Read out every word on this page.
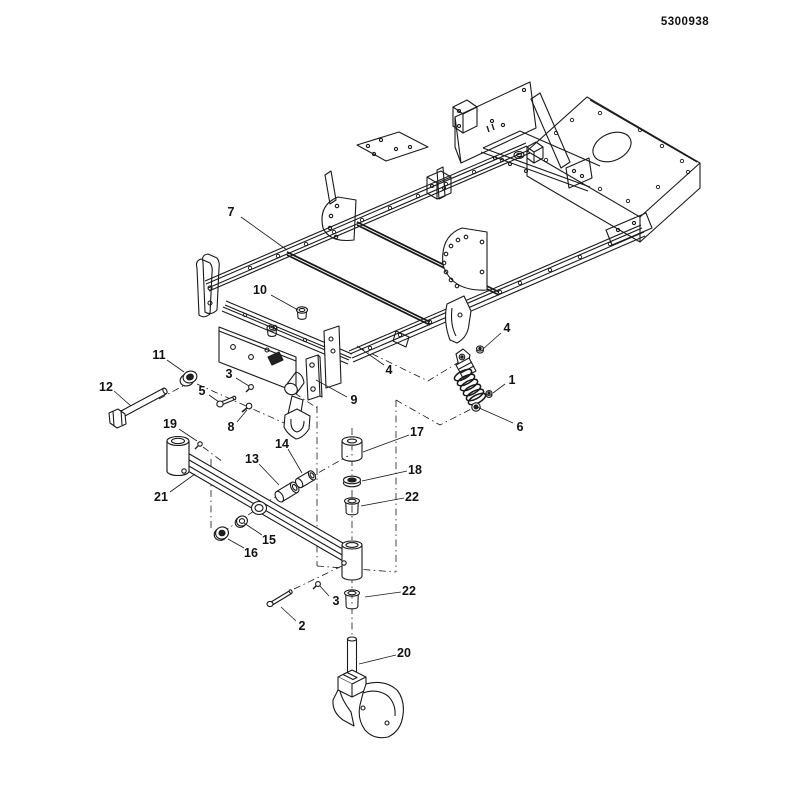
5300938
7
10
4
4
1
6
11
12	5
3
8
9
19
21
13
14
17
18
22
15
16
2
3
22
20
